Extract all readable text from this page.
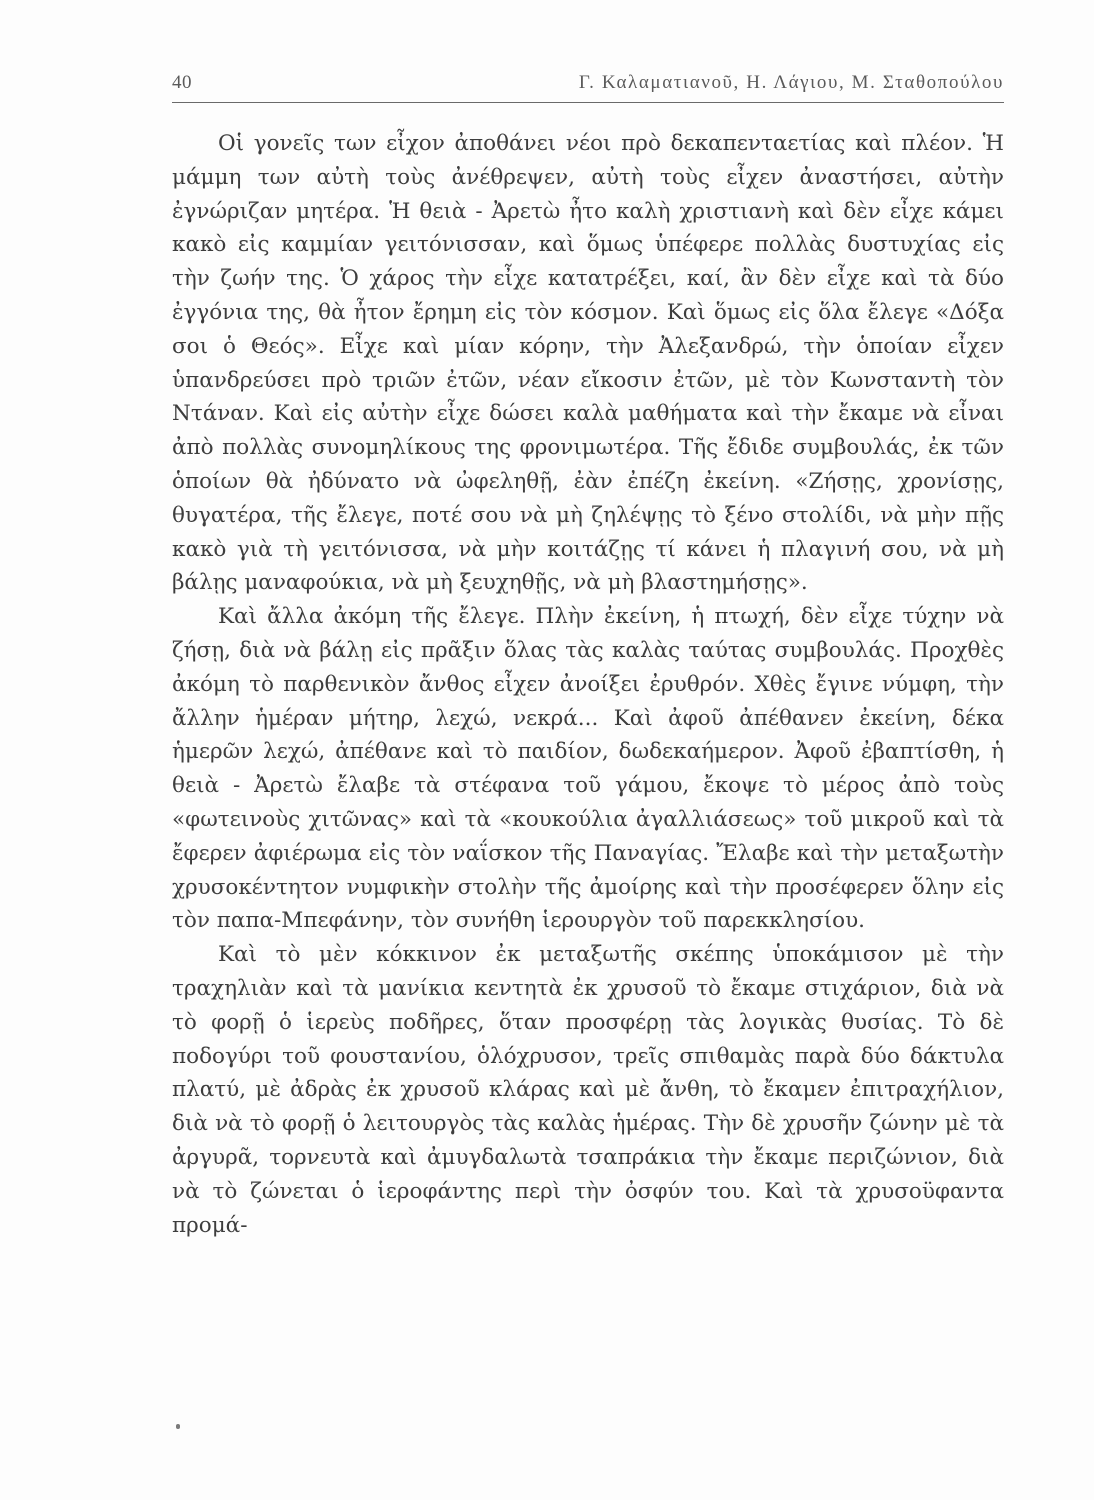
40	Γ. Καλαματιανοῦ, Η. Λάγιου, Μ. Σταθοπούλου

Οἱ γονεῖς των εἶχον ἀποθάνει νέοι πρὸ δεκαπενταετίας καὶ πλέον. Ἡ μάμμη των αὐτὴ τοὺς ἀνέθρεψεν, αὐτὴ τοὺς εἶχεν ἀναστήσει, αὐτὴν ἐγνώριζαν μητέρα. Ἡ θειὰ - Ἀρετὼ ἦτο καλὴ χριστιανὴ καὶ δὲν εἶχε κάμει κακὸ εἰς καμμίαν γειτόνισσαν, καὶ ὅμως ὑπέφερε πολλὰς δυστυχίας εἰς τὴν ζωήν της. Ὁ χάρος τὴν εἶχε κατατρέξει, καί, ἂν δὲν εἶχε καὶ τὰ δύο ἐγγόνια της, θὰ ἦτον ἔρημη εἰς τὸν κόσμον. Καὶ ὅμως εἰς ὅλα ἔλεγε «Δόξα σοι ὁ Θεός». Εἶχε καὶ μίαν κόρην, τὴν Ἀλεξανδρώ, τὴν ὁποίαν εἶχεν ὑπανδρεύσει πρὸ τριῶν ἐτῶν, νέαν εἴκοσιν ἐτῶν, μὲ τὸν Κωνσταντὴ τὸν Ντάναν. Καὶ εἰς αὐτὴν εἶχε δώσει καλὰ μαθήματα καὶ τὴν ἔκαμε νὰ εἶναι ἀπὸ πολλὰς συνομηλίκους της φρονιμωτέρα. Τῆς ἔδιδε συμβουλάς, ἐκ τῶν ὁποίων θὰ ἠδύνατο νὰ ὠφεληθῇ, ἐὰν ἐπέζη ἐκείνη. «Ζήσῃς, χρονίσῃς, θυγατέρα, τῆς ἔλεγε, ποτέ σου νὰ μὴ ζηλέψῃς τὸ ξένο στολίδι, νὰ μὴν πῇς κακὸ γιὰ τὴ γειτόνισσα, νὰ μὴν κοιτάζῃς τί κάνει ἡ πλαγινή σου, νὰ μὴ βάλῃς μαναφούκια, νὰ μὴ ξευχηθῇς, νὰ μὴ βλαστημήσῃς».

Καὶ ἄλλα ἀκόμη τῆς ἔλεγε. Πλὴν ἐκείνη, ἡ πτωχή, δὲν εἶχε τύχην νὰ ζήσῃ, διὰ νὰ βάλῃ εἰς πρᾶξιν ὅλας τὰς καλὰς ταύτας συμβουλάς. Προχθὲς ἀκόμη τὸ παρθενικὸν ἄνθος εἶχεν ἀνοίξει ἐρυθρόν. Χθὲς ἔγινε νύμφη, τὴν ἄλλην ἡμέραν μήτηρ, λεχώ, νεκρά... Καὶ ἀφοῦ ἀπέθανεν ἐκείνη, δέκα ἡμερῶν λεχώ, ἀπέθανε καὶ τὸ παιδίον, δωδεκαήμερον. Ἀφοῦ ἐβαπτίσθη, ἡ θειὰ - Ἀρετὼ ἔλαβε τὰ στέφανα τοῦ γάμου, ἔκοψε τὸ μέρος ἀπὸ τοὺς «φωτεινοὺς χιτῶνας» καὶ τὰ «κουκούλια ἀγαλλιάσεως» τοῦ μικροῦ καὶ τὰ ἔφερεν ἀφιέρωμα εἰς τὸν ναΐσκον τῆς Παναγίας. Ἔλαβε καὶ τὴν μεταξωτὴν χρυσοκέντητον νυμφικὴν στολὴν τῆς ἀμοίρης καὶ τὴν προσέφερεν ὅλην εἰς τὸν παπα-Μπεφάνην, τὸν συνήθη ἱερουργὸν τοῦ παρεκκλησίου.

Καὶ τὸ μὲν κόκκινον ἐκ μεταξωτῆς σκέπης ὑποκάμισον μὲ τὴν τραχηλιὰν καὶ τὰ μανίκια κεντητὰ ἐκ χρυσοῦ τὸ ἔκαμε στιχάριον, διὰ νὰ τὸ φορῇ ὁ ἱερεὺς ποδῆρες, ὅταν προσφέρῃ τὰς λογικὰς θυσίας. Τὸ δὲ ποδογύρι τοῦ φουστανίου, ὁλόχρυσον, τρεῖς σπιθαμὰς παρὰ δύο δάκτυλα πλατύ, μὲ ἀδρὰς ἐκ χρυσοῦ κλάρας καὶ μὲ ἄνθη, τὸ ἔκαμεν ἐπιτραχήλιον, διὰ νὰ τὸ φορῇ ὁ λειτουργὸς τὰς καλὰς ἡμέρας. Τὴν δὲ χρυσῆν ζώνην μὲ τὰ ἀργυρᾶ, τορνευτὰ καὶ ἀμυγδαλωτὰ τσαπράκια τὴν ἔκαμε περιζώνιον, διὰ νὰ τὸ ζώνεται ὁ ἱεροφάντης περὶ τὴν ὀσφύν του. Καὶ τὰ χρυσοϋφαντα προμά-
